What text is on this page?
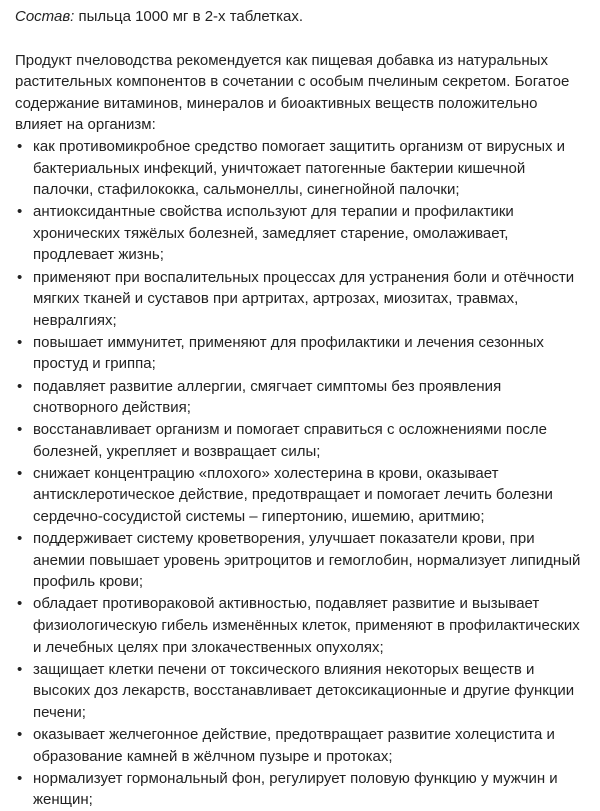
Состав: пыльца 1000 мг в 2-х таблетках.

Продукт пчеловодства рекомендуется как пищевая добавка из натуральных растительных компонентов в сочетании с особым пчелиным секретом. Богатое содержание витаминов, минералов и биоактивных веществ положительно влияет на организм:

• как противомикробное средство помогает защитить организм от вирусных и бактериальных инфекций, уничтожает патогенные бактерии кишечной палочки, стафилококка, сальмонеллы, синегнойной палочки;
• антиоксидантные свойства используют для терапии и профилактики хронических тяжёлых болезней, замедляет старение, омолаживает, продлевает жизнь;
• применяют при воспалительных процессах для устранения боли и отёчности мягких тканей и суставов при артритах, артрозах, миозитах, травмах, невралгиях;
• повышает иммунитет, применяют для профилактики и лечения сезонных простуд и гриппа;
• подавляет развитие аллергии, смягчает симптомы без проявления снотворного действия;
• восстанавливает организм и помогает справиться с осложнениями после болезней, укрепляет и возвращает силы;
• снижает концентрацию «плохого» холестерина в крови, оказывает антисклеротическое действие, предотвращает и помогает лечить болезни сердечно-сосудистой системы – гипертонию, ишемию, аритмию;
• поддерживает систему кроветворения, улучшает показатели крови, при анемии повышает уровень эритроцитов и гемоглобин, нормализует липидный профиль крови;
• обладает противораковой активностью, подавляет развитие и вызывает физиологическую гибель изменённых клеток, применяют в профилактических и лечебных целях при злокачественных опухолях;
• защищает клетки печени от токсического влияния некоторых веществ и высоких доз лекарств, восстанавливает детоксикационные и другие функции печени;
• оказывает желчегонное действие, предотвращает развитие холецистита и образование камней в жёлчном пузыре и протоках;
• нормализует гормональный фон, регулирует половую функцию у мужчин и женщин;
